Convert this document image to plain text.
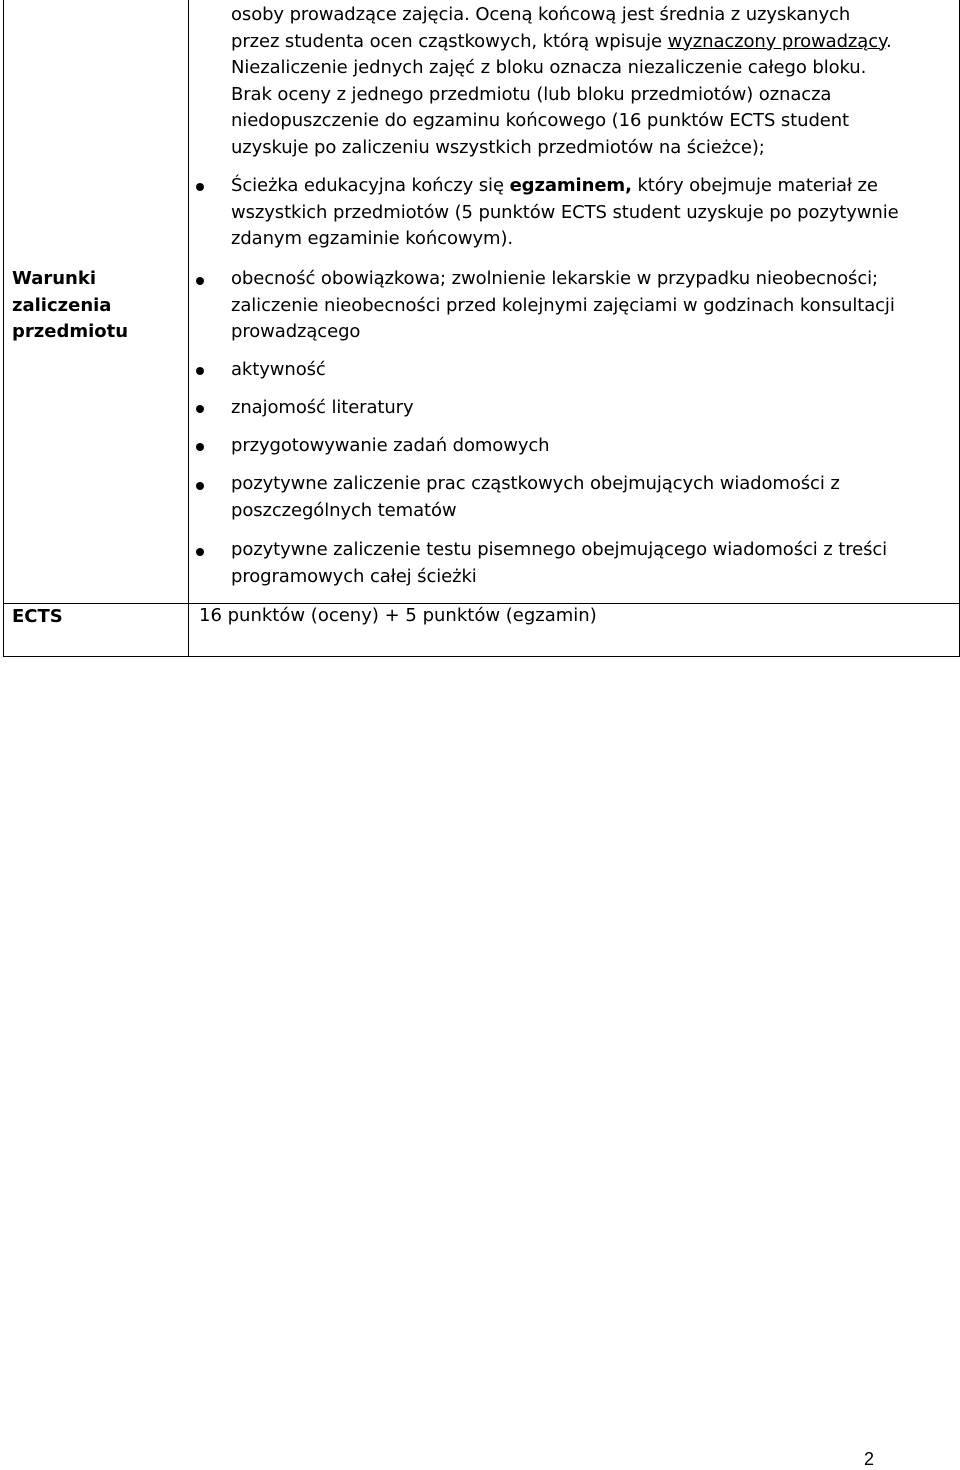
osoby prowadzące zajęcia. Oceną końcową jest średnia z uzyskanych
przez studenta ocen cząstkowych, którą wpisuje wyznaczony prowadzący.
Niezaliczenie jednych zajęć z bloku oznacza niezaliczenie całego bloku.
Brak oceny z jednego przedmiotu (lub bloku przedmiotów) oznacza
niedopuszczenie do egzaminu końcowego (16 punktów ECTS student
uzyskuje po zaliczeniu wszystkich przedmiotów na ścieżce);
Ścieżka edukacyjna kończy się egzaminem, który obejmuje materiał ze
wszystkich przedmiotów (5 punktów ECTS student uzyskuje po pozytywnie
zdanym egzaminie końcowym).
Warunki
zaliczenia
przedmiotu
obecność obowiązkowa; zwolnienie lekarskie w przypadku nieobecności;
zaliczenie nieobecności przed kolejnymi zajęciami w godzinach konsultacji
prowadzącego
aktywność
znajomość literatury
przygotowywanie zadań domowych
pozytywne zaliczenie prac cząstkowych obejmujących wiadomości z
poszczególnych tematów
pozytywne zaliczenie testu pisemnego obejmującego wiadomości z treści
programowych całej ścieżki
ECTS	16 punktów (oceny) + 5 punktów (egzamin)
2
